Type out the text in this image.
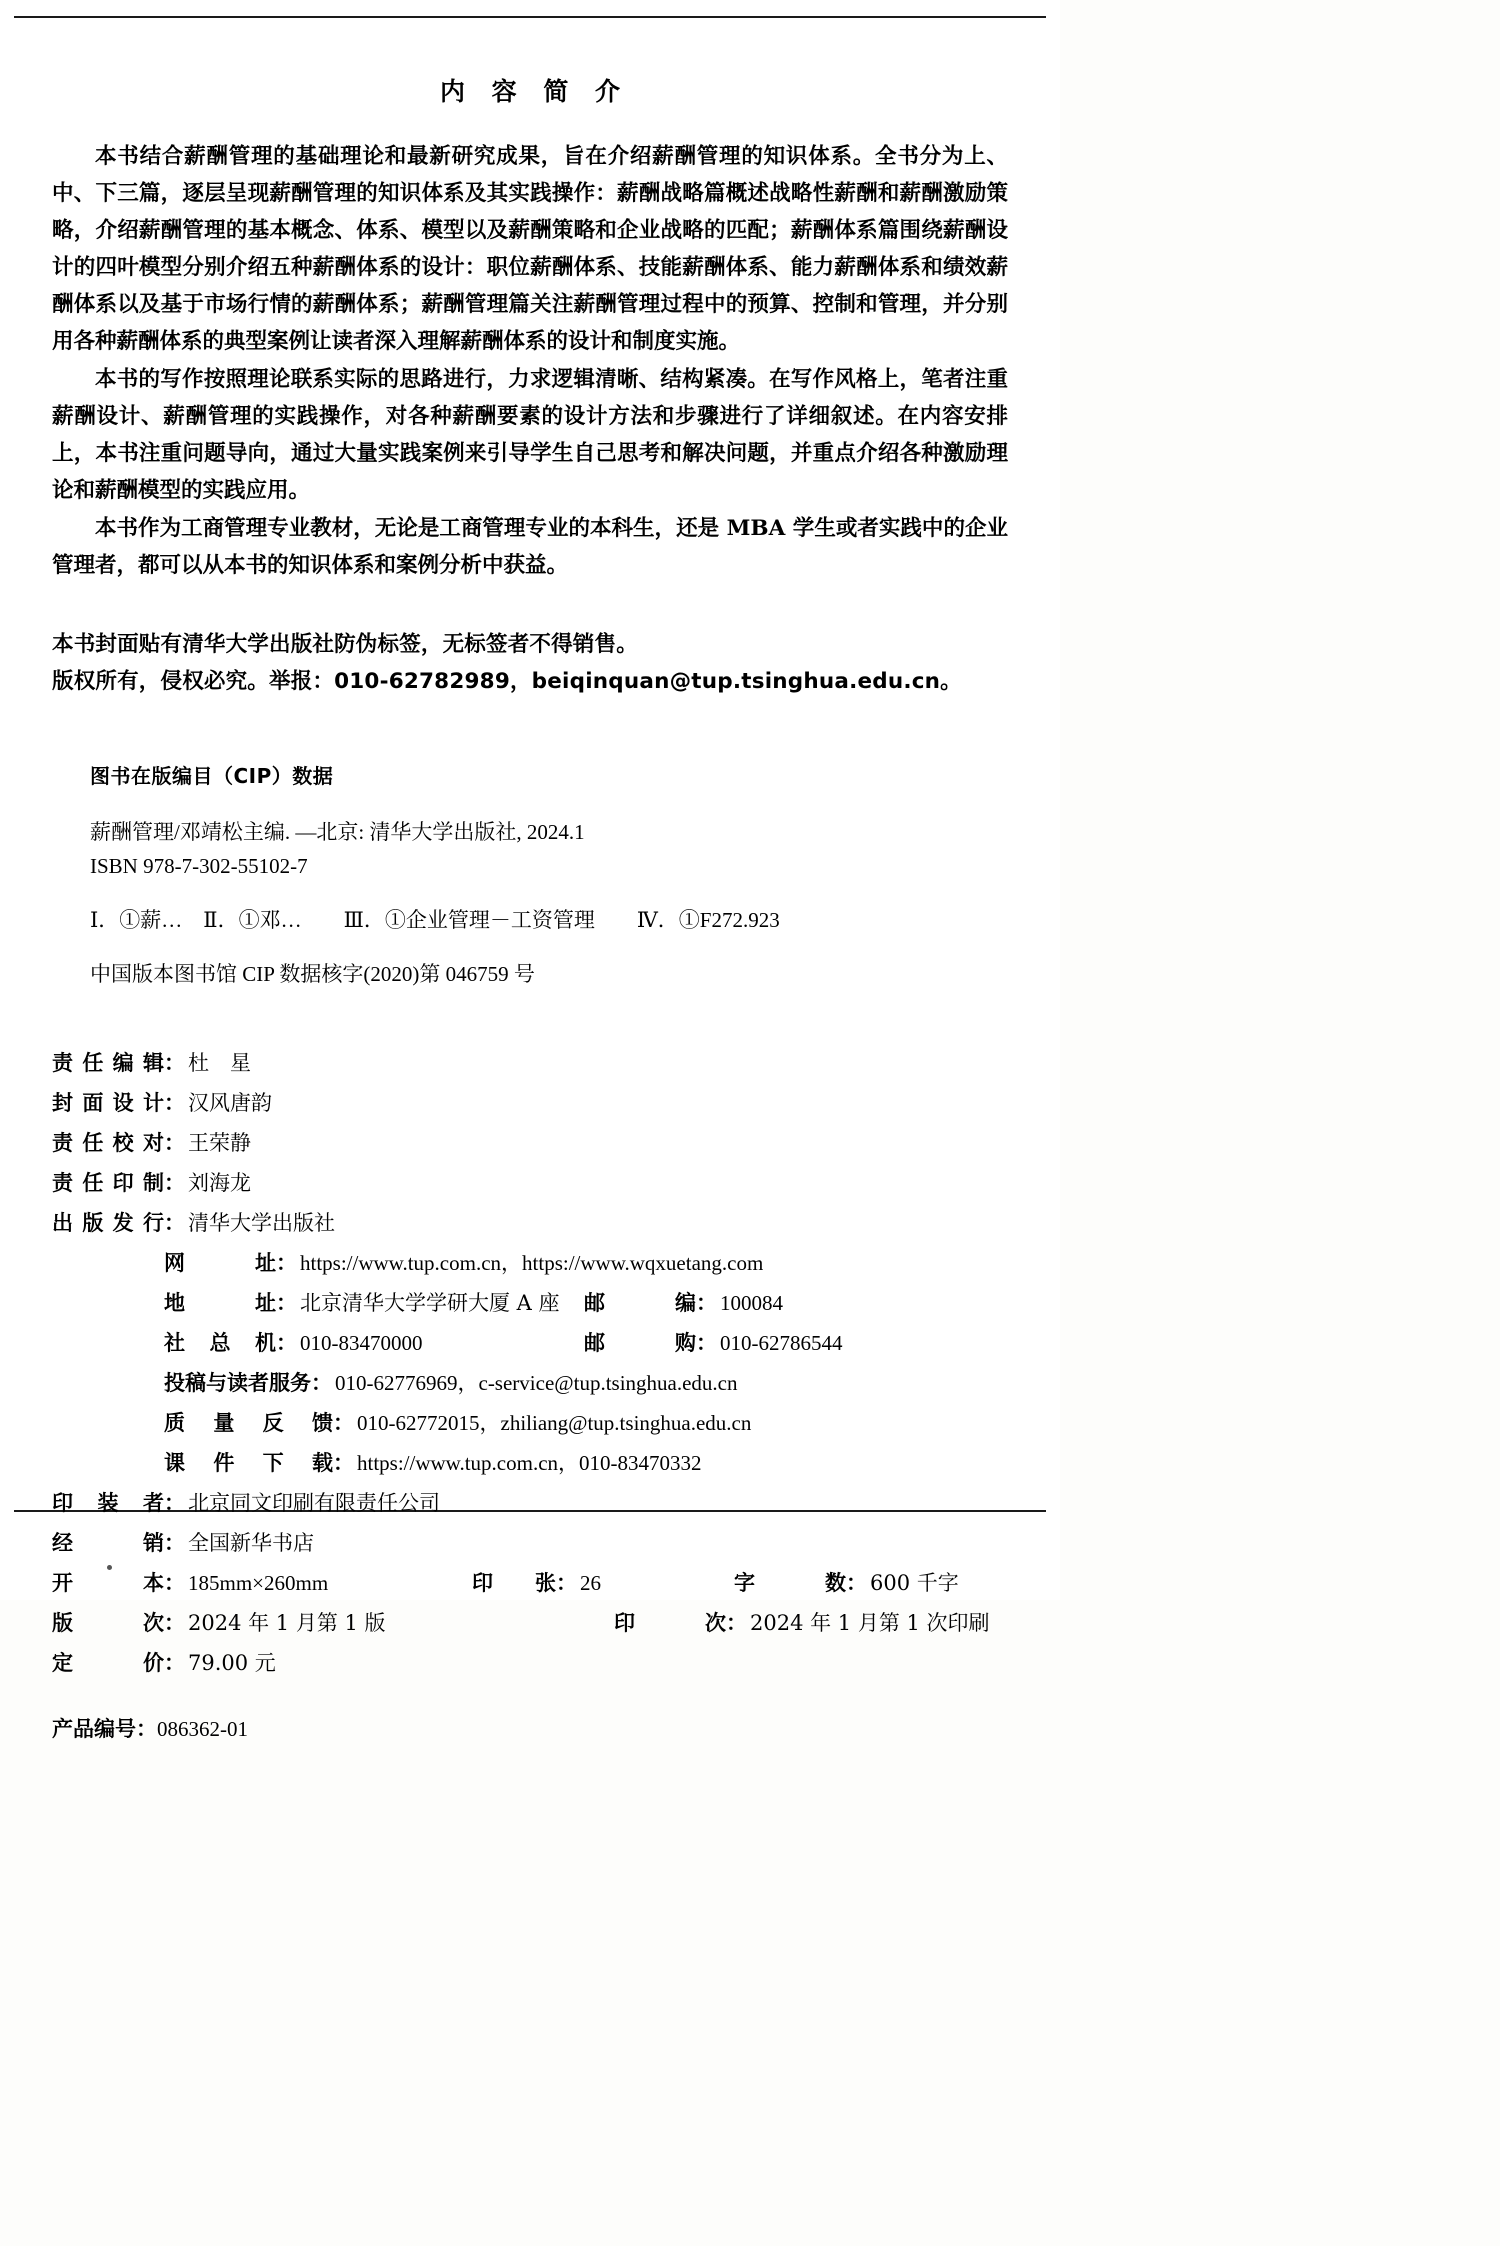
内 容 简 介

本书结合薪酬管理的基础理论和最新研究成果，旨在介绍薪酬管理的知识体系。全书分为上、中、下三篇，逐层呈现薪酬管理的知识体系及其实践操作：薪酬战略篇概述战略性薪酬和薪酬激励策略，介绍薪酬管理的基本概念、体系、模型以及薪酬策略和企业战略的匹配；薪酬体系篇围绕薪酬设计的四叶模型分别介绍五种薪酬体系的设计：职位薪酬体系、技能薪酬体系、能力薪酬体系和绩效薪酬体系以及基于市场行情的薪酬体系；薪酬管理篇关注薪酬管理过程中的预算、控制和管理，并分别用各种薪酬体系的典型案例让读者深入理解薪酬体系的设计和制度实施。

本书的写作按照理论联系实际的思路进行，力求逻辑清晰、结构紧凑。在写作风格上，笔者注重薪酬设计、薪酬管理的实践操作，对各种薪酬要素的设计方法和步骤进行了详细叙述。在内容安排上，本书注重问题导向，通过大量实践案例来引导学生自己思考和解决问题，并重点介绍各种激励理论和薪酬模型的实践应用。

本书作为工商管理专业教材，无论是工商管理专业的本科生，还是 MBA 学生或者实践中的企业管理者，都可以从本书的知识体系和案例分析中获益。

本书封面贴有清华大学出版社防伪标签，无标签者不得销售。
版权所有，侵权必究。举报：010-62782989，beiqinquan@tup.tsinghua.edu.cn。
图书在版编目（CIP）数据
薪酬管理/邓靖松主编. —北京: 清华大学出版社, 2024.1
ISBN 978-7-302-55102-7
Ⅰ．①薪…　Ⅱ．①邓…　　Ⅲ．①企业管理－工资管理　　Ⅳ．①F272.923
中国版本图书馆 CIP 数据核字(2020)第 046759 号
责任编辑 ： 杜　星
封面设计 ： 汉风唐韵
责任校对 ： 王荣静
责任印制 ： 刘海龙
出版发行 ： 清华大学出版社
网　　址 ： https://www.tup.com.cn，https://www.wqxuetang.com
地　　址 ： 北京清华大学学研大厦 A 座 邮　　编 ： 100084
社 总 机 ： 010-83470000	邮　　购 ： 010-62786544
投稿与读者服务 ： 010-62776969，c-service@tup.tsinghua.edu.cn
质 量 反 馈 ： 010-62772015，zhiliang@tup.tsinghua.edu.cn
课 件 下 载 ： https://www.tup.com.cn，010-83470332
印 装 者 ： 北京同文印刷有限责任公司
经　　销 ： 全国新华书店
开　　本 ： 185mm×260mm	印　张 ： 26	字　　数 ： 600 千字
版　　次 ： 2024 年 1 月第 1 版	印　　次 ： 2024 年 1 月第 1 次印刷
定　　价 ： 79.00 元
产品编号：086362-01
